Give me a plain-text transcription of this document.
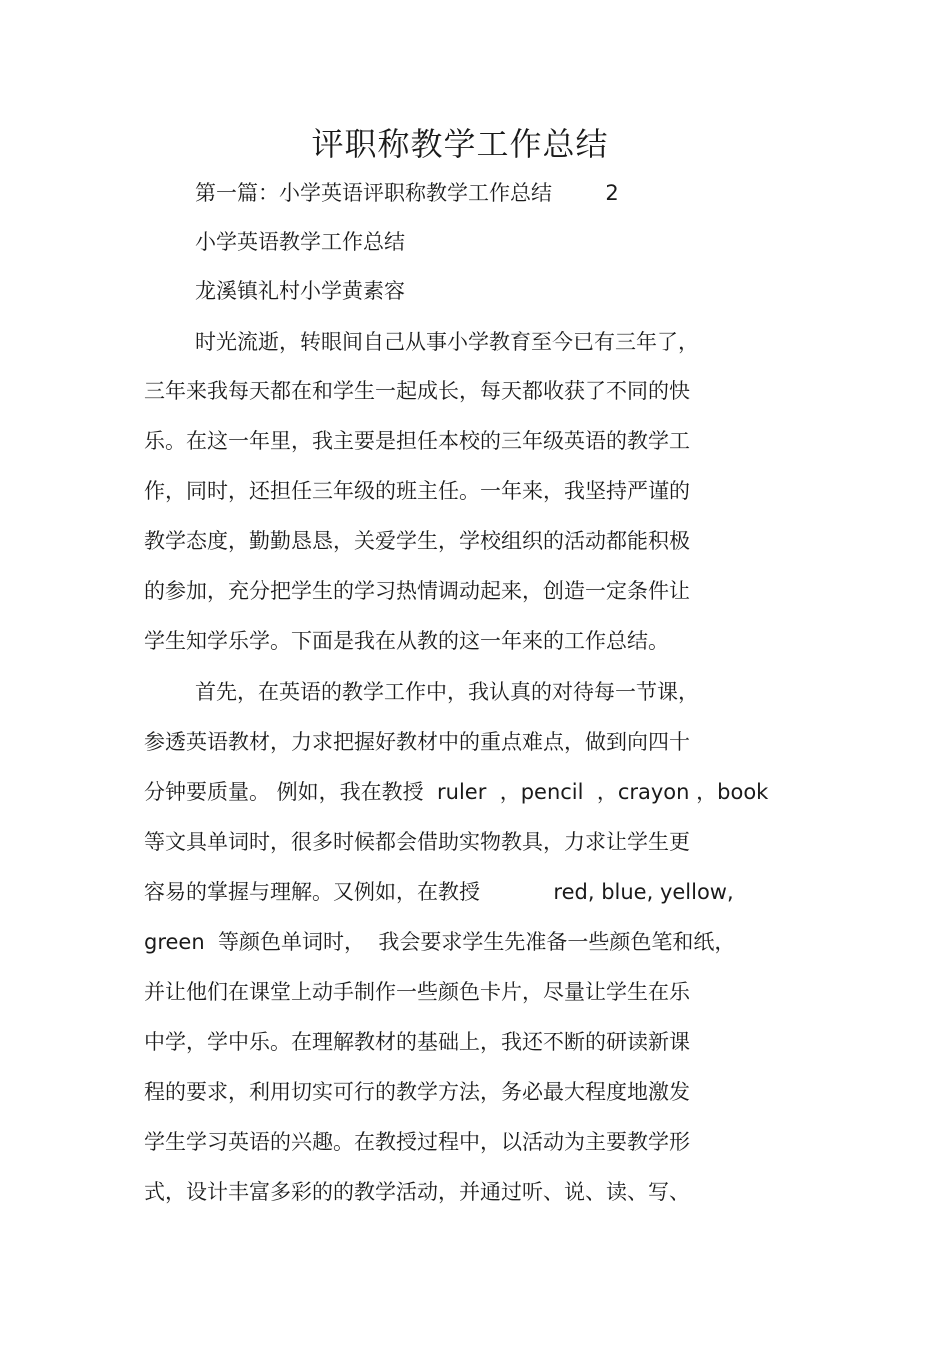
评职称教学工作总结

第一篇：小学英语评职称教学工作总结        2

小学英语教学工作总结

龙溪镇礼村小学黄素容

时光流逝，转眼间自己从事小学教育至今已有三年了，

三年来我每天都在和学生一起成长，每天都收获了不同的快

乐。在这一年里，我主要是担任本校的三年级英语的教学工

作，同时，还担任三年级的班主任。一年来，我坚持严谨的

教学态度，勤勤恳恳，关爱学生，学校组织的活动都能积极

的参加，充分把学生的学习热情调动起来，创造一定条件让

学生知学乐学。下面是我在从教的这一年来的工作总结。

首先，在英语的教学工作中，我认真的对待每一节课，

参透英语教材，力求把握好教材中的重点难点，做到向四十

分钟要质量。 例如，我在教授  ruler  ，pencil  ，crayon ，book

等文具单词时，很多时候都会借助实物教具，力求让学生更

容易的掌握与理解。又例如，在教授           red, blue, yellow,

green  等颜色单词时，  我会要求学生先准备一些颜色笔和纸，

并让他们在课堂上动手制作一些颜色卡片，尽量让学生在乐

中学，学中乐。在理解教材的基础上，我还不断的研读新课

程的要求，利用切实可行的教学方法，务必最大程度地激发

学生学习英语的兴趣。在教授过程中，以活动为主要教学形

式，设计丰富多彩的的教学活动，并通过听、说、读、写、
